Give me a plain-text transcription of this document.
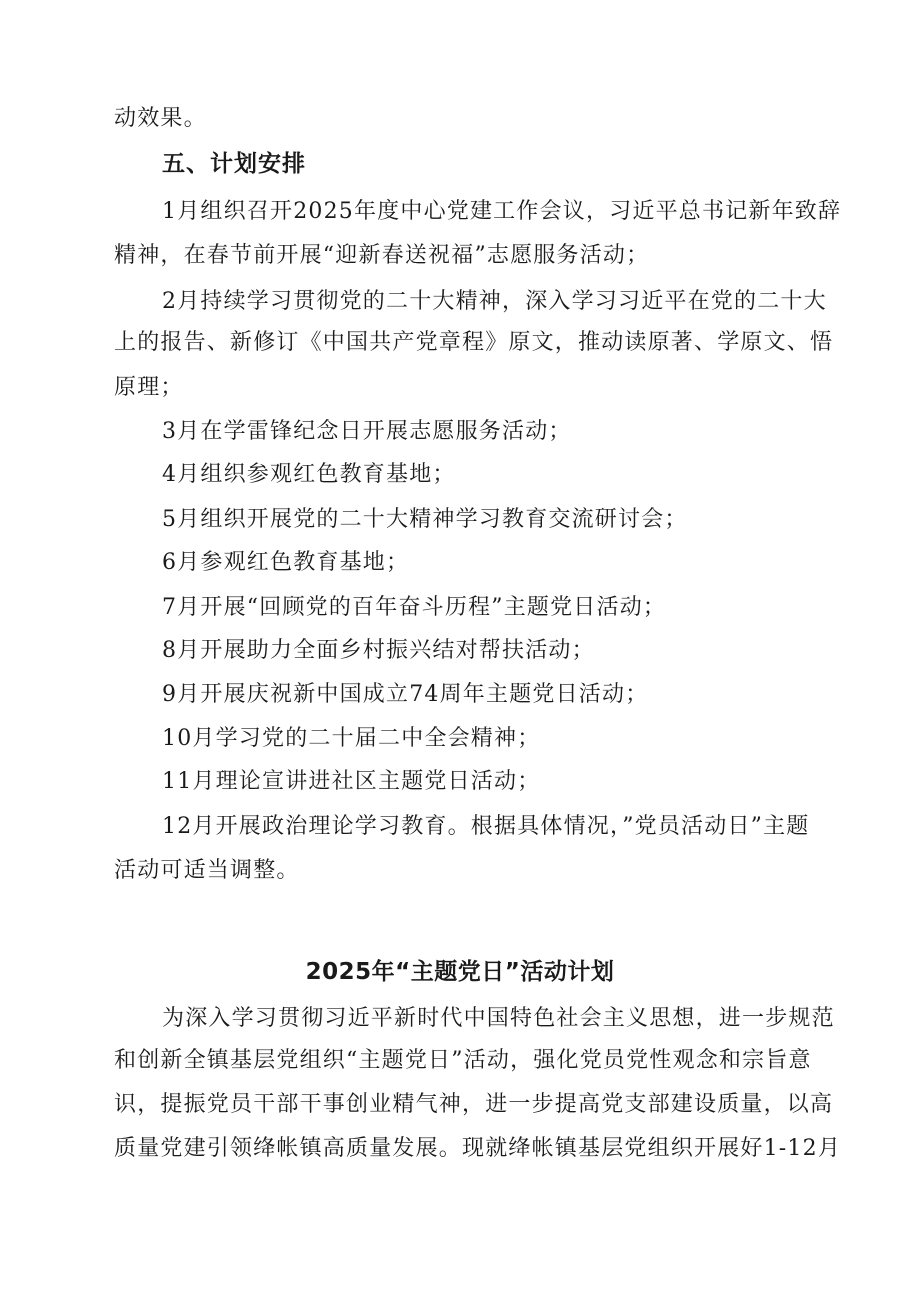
动效果。
五、计划安排
1月组织召开2025年度中心党建工作会议，习近平总书记新年致辞
精神，在春节前开展“迎新春送祝福”志愿服务活动；
2月持续学习贯彻党的二十大精神，深入学习习近平在党的二十大
上的报告、新修订《中国共产党章程》原文，推动读原著、学原文、悟
原理；
3月在学雷锋纪念日开展志愿服务活动；
4月组织参观红色教育基地；
5月组织开展党的二十大精神学习教育交流研讨会；
6月参观红色教育基地；
7月开展“回顾党的百年奋斗历程”主题党日活动；
8月开展助力全面乡村振兴结对帮扶活动；
9月开展庆祝新中国成立74周年主题党日活动；
10月学习党的二十届二中全会精神；
11月理论宣讲进社区主题党日活动；
12月开展政治理论学习教育。根据具体情况，”党员活动日”主题
活动可适当调整。
2025年“主题党日”活动计划
为深入学习贯彻习近平新时代中国特色社会主义思想，进一步规范
和创新全镇基层党组织“主题党日”活动，强化党员党性观念和宗旨意
识，提振党员干部干事创业精气神，进一步提高党支部建设质量，以高
质量党建引领绛帐镇高质量发展。现就绛帐镇基层党组织开展好1-12月
